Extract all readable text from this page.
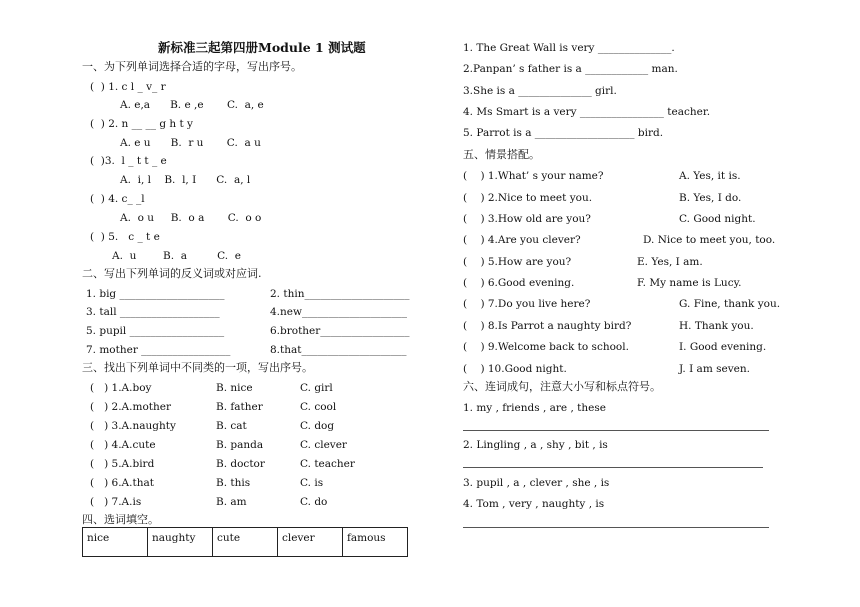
新标准三起第四册Module 1 测试题
一、为下列单词选择合适的字母，写出序号。
(  ) 1. c l _ v_ r
A. e,a      B. e ,e       C.  a, e
(  ) 2. n __ __ g h t y
A. e u      B.  r u       C.  a u
(  )3.  l _ t t _ e
A.  i, l    B.  l, I      C.  a, l
(  ) 4. c_ _l
A.  o u     B.  o a       C.  o o
(  ) 5.   c _ t e
A.  u        B.  a         C.  e
二、写出下列单词的反义词或对应词.
1. big ____________________	2. thin____________________
3. tall ___________________	4.new____________________
5. pupil __________________	6.brother_________________
7. mother _________________	8.that____________________
三、找出下列单词中不同类的一项，写出序号。
(   ) 1.A.boy	B. nice	C. girl
(   ) 2.A.mother	B. father	C. cool
(   ) 3.A.naughty	B. cat	C. dog
(   ) 4.A.cute	B. panda	C. clever
(   ) 5.A.bird	B. doctor	C. teacher
(   ) 6.A.that	B. this	C. is
(   ) 7.A.is	B. am	C. do
四、选词填空。
nice	naughty	cute	clever	famous
1. The Great Wall is very ______________.
2.Panpan’ s father is a ____________ man.
3.She is a ______________ girl.
4. Ms Smart is a very ________________ teacher.
5. Parrot is a ___________________ bird.
五、情景搭配。
(    ) 1.What’ s your name?	A. Yes, it is.
(    ) 2.Nice to meet you.	B. Yes, I do.
(    ) 3.How old are you?	C. Good night.
(    ) 4.Are you clever?	D. Nice to meet you, too.
(    ) 5.How are you?	E. Yes, I am.
(    ) 6.Good evening.	F. My name is Lucy.
(    ) 7.Do you live here?	G. Fine, thank you.
(    ) 8.Is Parrot a naughty bird?	H. Thank you.
(    ) 9.Welcome back to school.	I. Good evening.
(    ) 10.Good night.	J. I am seven.
六、连词成句，注意大小写和标点符号。
1. my , friends , are , these
2. Lingling , a , shy , bit , is
3. pupil , a , clever , she , is
4. Tom , very , naughty , is
